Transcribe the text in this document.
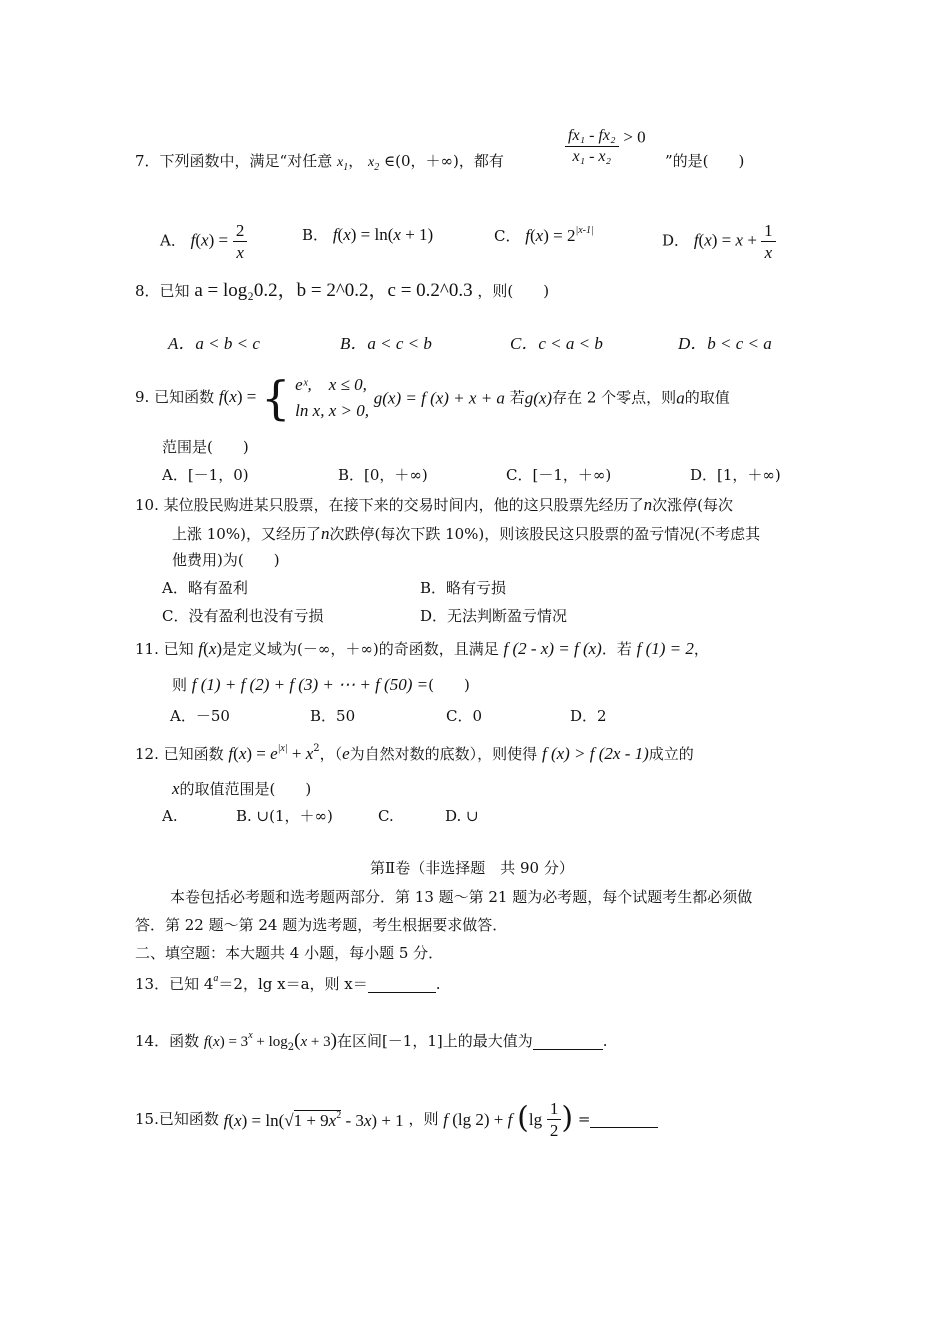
7．下列函数中，满足“对任意 $x_1$， $x_2$ ∈(0，＋∞)，都有	$\frac{\text{fx₁ - fx₂}}{\text{x₁ - x₂}} > 0$
”的是(　　)
A． $f(x) = \frac{2}{x}$	B． f(x) = ln(x + 1)	C． $f(x) = 2^{|x-1|}$
D． $f(x) = x + \frac{1}{x}$
8．已知 a = log₂0.2，b = 2^0.2，c = 0.2^0.3 ，则(　　)
A．a < b < c	B．a < c < b	C．c < a < b	D．b < c < a
9. 已知函数 f(x) = { eˣ,　x ≤ 0,
ln x, x > 0,
g(x) = f (x) + x + a 若g(x)存在 2 个零点，则a的取值
范围是(　　)
A．[－1，0)	B．[0，＋∞)	C．[－1，＋∞)	D．[1，＋∞)
10. 某位股民购进某只股票，在接下来的交易时间内，他的这只股票先经历了n次涨停(每次
上涨 10%)，又经历了n次跌停(每次下跌 10%)，则该股民这只股票的盈亏情况(不考虑其
他费用)为(　　)
A．略有盈利	B．略有亏损
C．没有盈利也没有亏损	D．无法判断盈亏情况
11. 已知 f(x)是定义域为(－∞，＋∞)的奇函数，且满足 f (2 - x) = f (x)．若 f (1) = 2，
则 f (1) + f (2) + f (3) + ⋯ + f (50) =(　　)
A．－50	B．50	C．0	D．2
12. 已知函数 $f(x) = e^{|x|} + x^2$，（e为自然对数的底数），则使得 f (x) > f (2x - 1)成立的
x的取值范围是(　　)
A.	B. ∪(1，＋∞)	C.	D. ∪
第Ⅱ卷（非选择题　共 90 分）
本卷包括必考题和选考题两部分．第 13 题～第 21 题为必考题，每个试题考生都必须做
答．第 22 题～第 24 题为选考题，考生根据要求做答．
二、填空题：本大题共 4 小题，每小题 5 分．
13．已知 $4^a=2$，lg x＝a，则 x＝	.
14．函数 $f(x) = 3^x + \log_2(x + 3)$在区间[－1，1]上的最大值为	.
15.已知函数 $f(x) = \ln(√1 + 9x^2 - 3x) + 1$ ，则 f (lg 2) + f ($\lg \frac{1}{2}$ ) =
